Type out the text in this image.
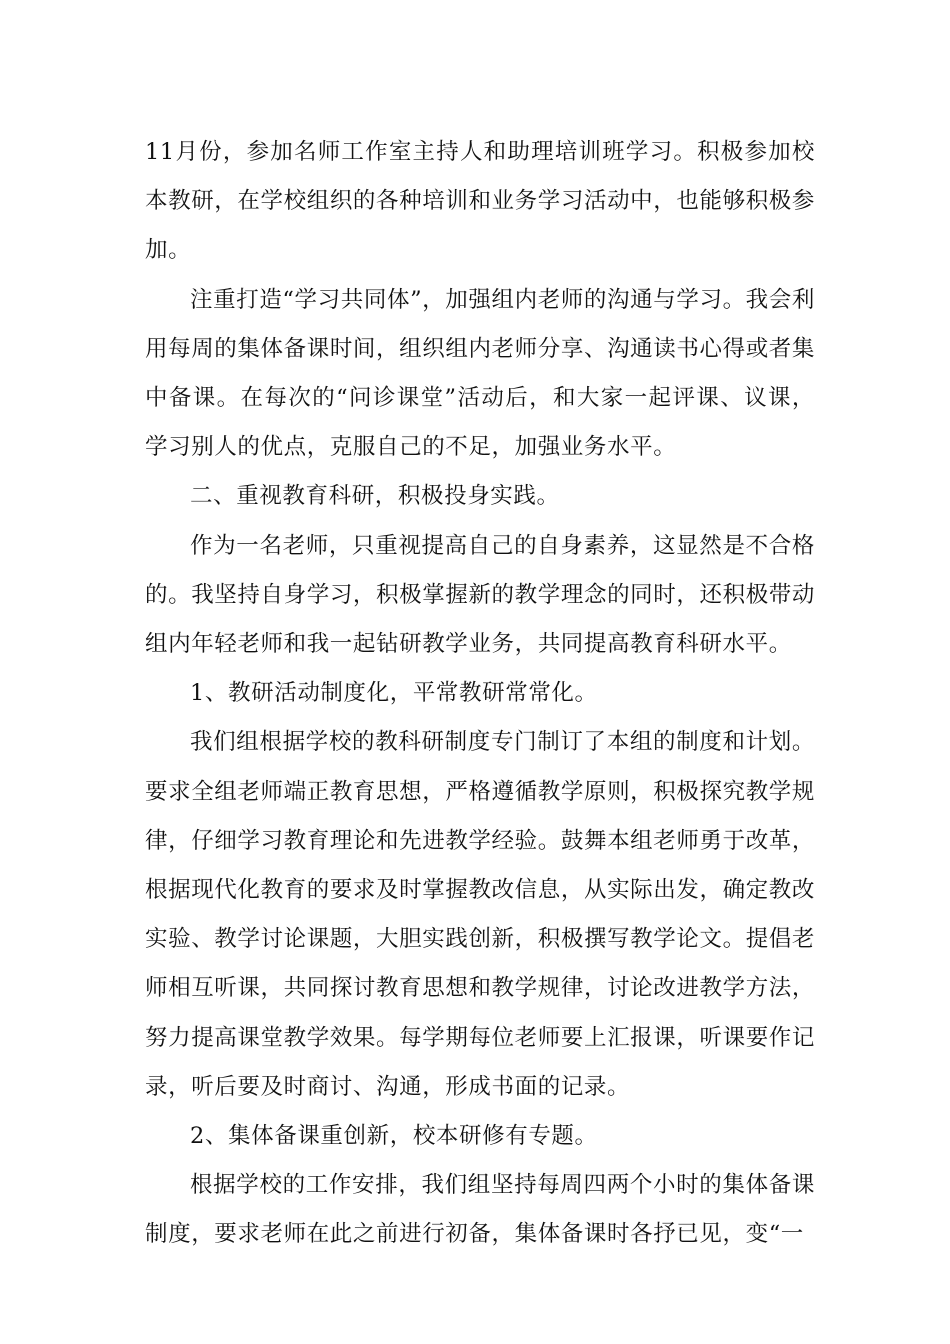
11月份，参加名师工作室主持人和助理培训班学习。积极参加校本教研，在学校组织的各种培训和业务学习活动中，也能够积极参加。

注重打造“学习共同体”，加强组内老师的沟通与学习。我会利用每周的集体备课时间，组织组内老师分享、沟通读书心得或者集中备课。在每次的“问诊课堂”活动后，和大家一起评课、议课，学习别人的优点，克服自己的不足，加强业务水平。

二、重视教育科研，积极投身实践。

作为一名老师，只重视提高自己的自身素养，这显然是不合格的。我坚持自身学习，积极掌握新的教学理念的同时，还积极带动组内年轻老师和我一起钻研教学业务，共同提高教育科研水平。

1、教研活动制度化，平常教研常常化。

我们组根据学校的教科研制度专门制订了本组的制度和计划。要求全组老师端正教育思想，严格遵循教学原则，积极探究教学规律，仔细学习教育理论和先进教学经验。鼓舞本组老师勇于改革，根据现代化教育的要求及时掌握教改信息，从实际出发，确定教改实验、教学讨论课题，大胆实践创新，积极撰写教学论文。提倡老师相互听课，共同探讨教育思想和教学规律，讨论改进教学方法，努力提高课堂教学效果。每学期每位老师要上汇报课，听课要作记录，听后要及时商讨、沟通，形成书面的记录。

2、集体备课重创新，校本研修有专题。

根据学校的工作安排，我们组坚持每周四两个小时的集体备课制度，要求老师在此之前进行初备，集体备课时各抒已见，变“一
